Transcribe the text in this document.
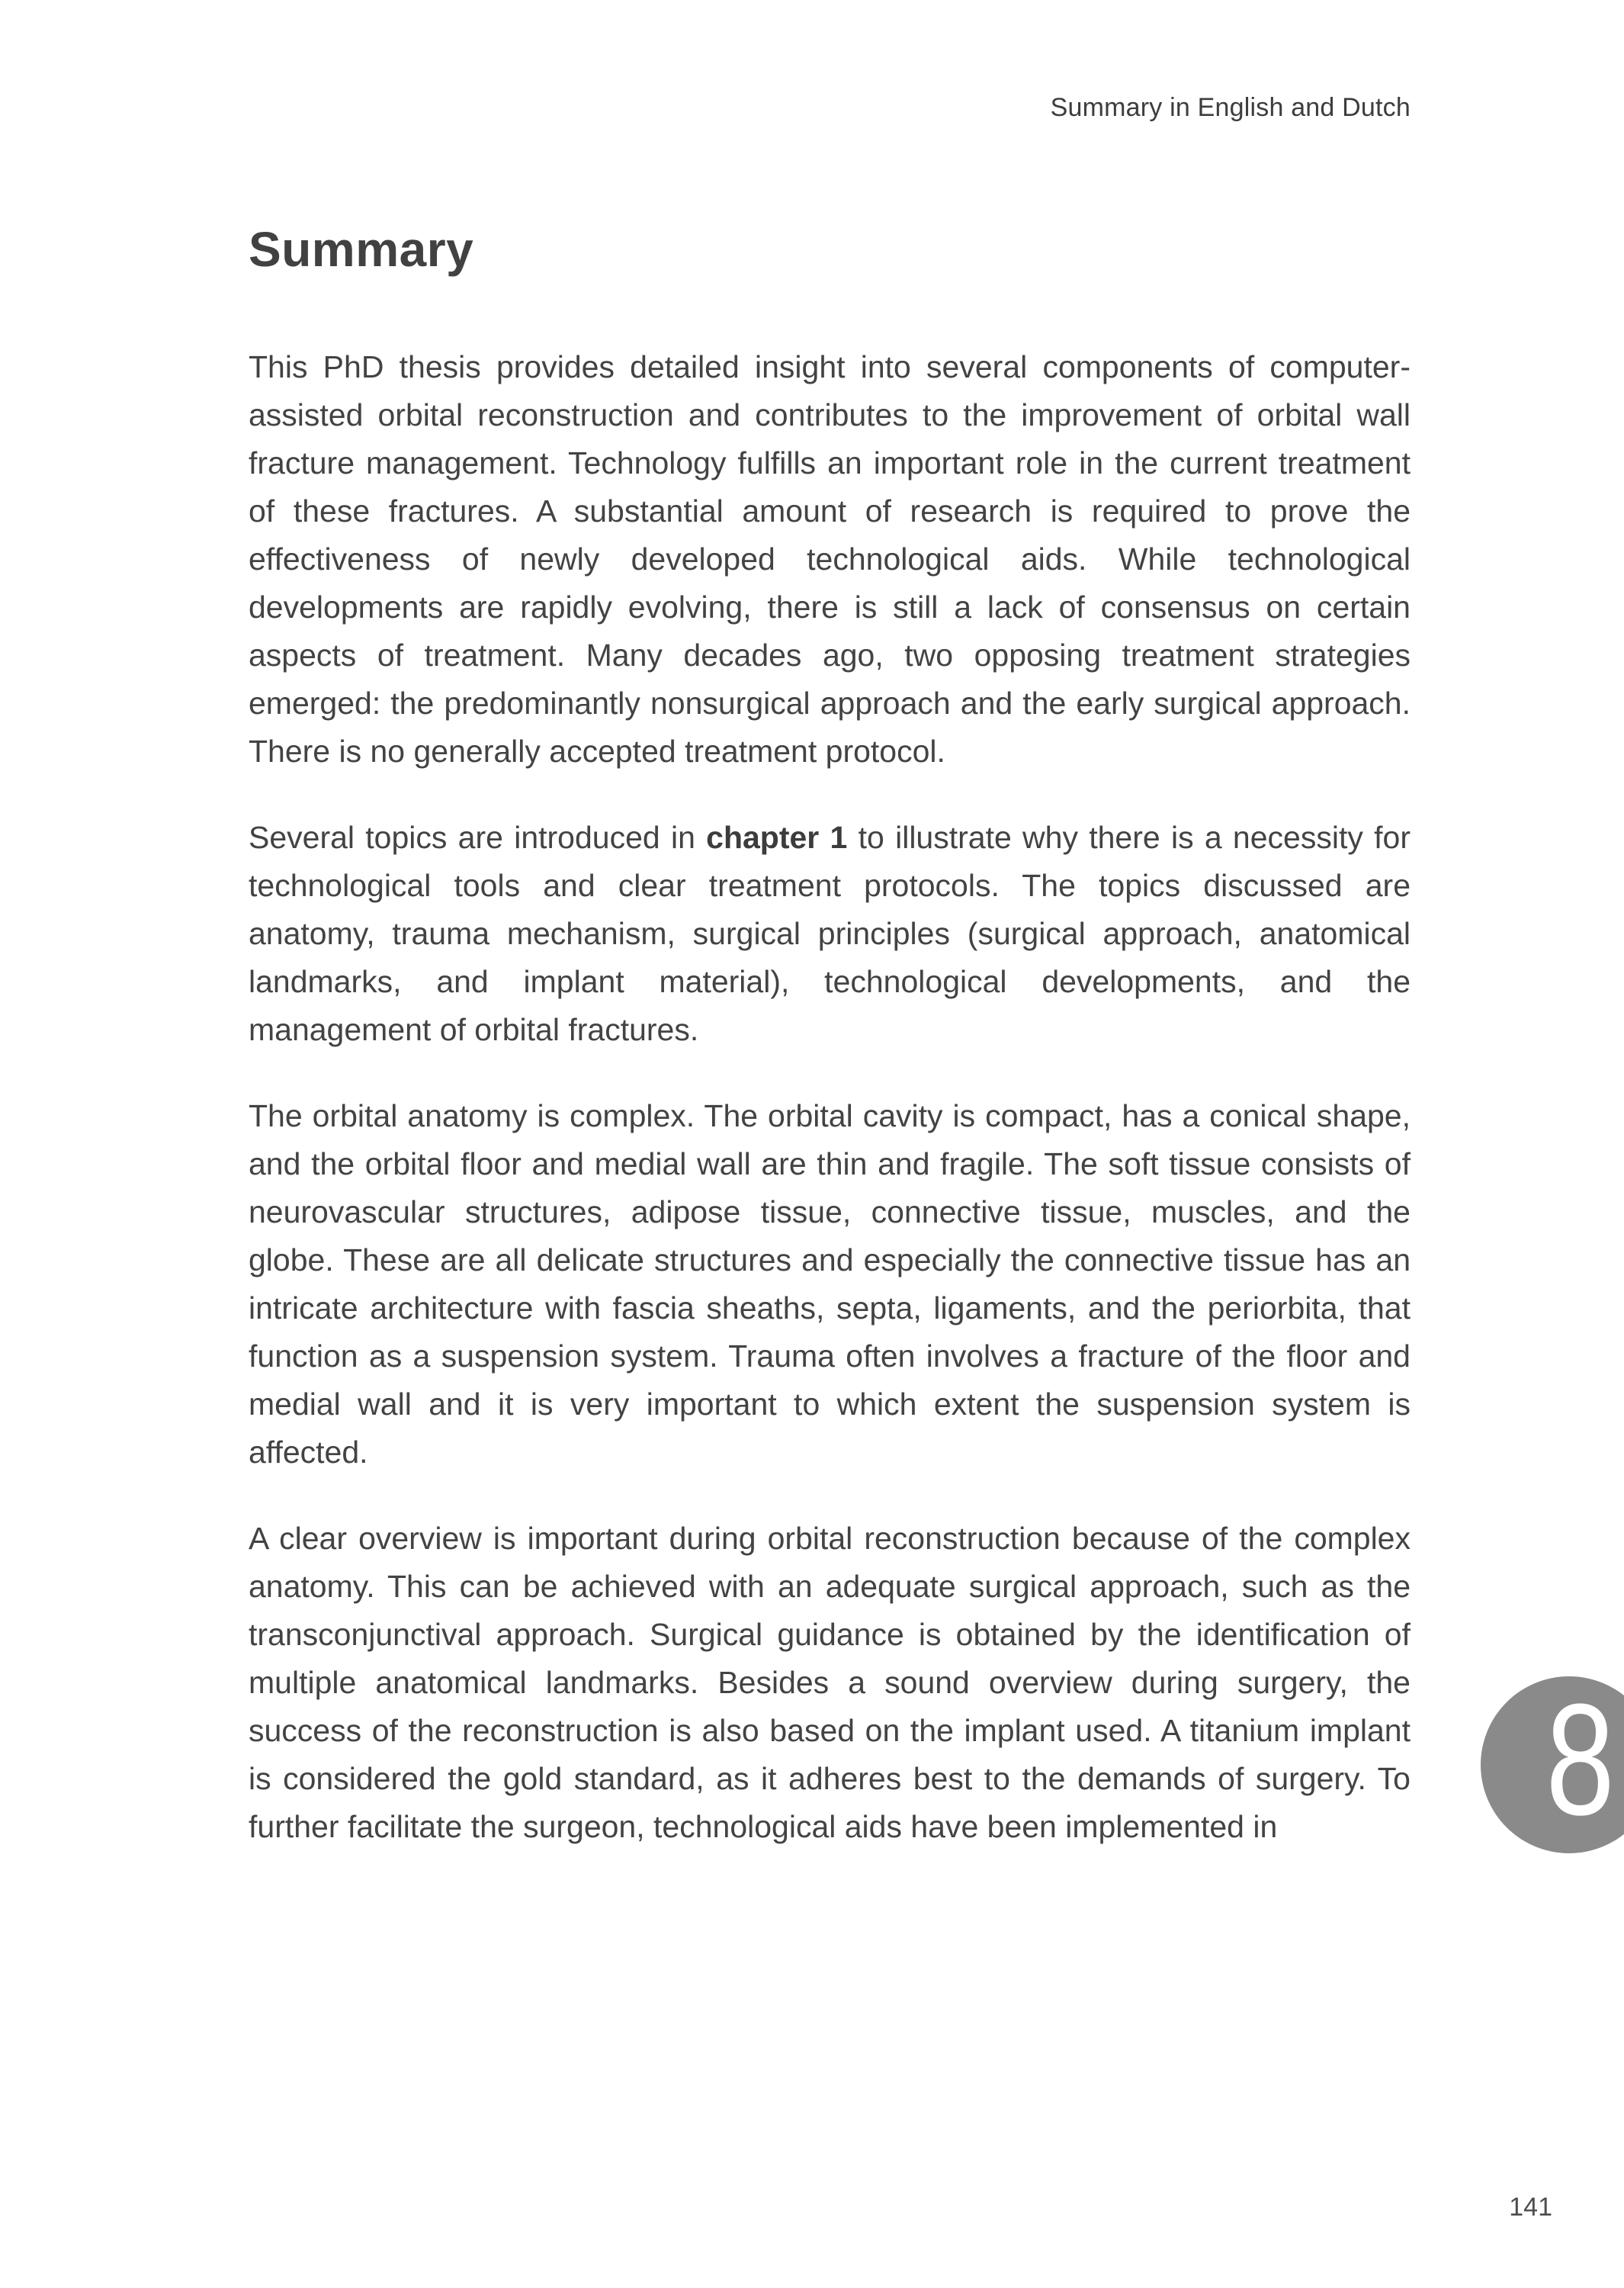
Summary in English and Dutch
Summary
This PhD thesis provides detailed insight into several components of computer-assisted orbital reconstruction and contributes to the improvement of orbital wall fracture management. Technology fulfills an important role in the current treatment of these fractures. A substantial amount of research is required to prove the effectiveness of newly developed technological aids. While technological developments are rapidly evolving, there is still a lack of consensus on certain aspects of treatment. Many decades ago, two opposing treatment strategies emerged: the predominantly nonsurgical approach and the early surgical approach. There is no generally accepted treatment protocol.
Several topics are introduced in chapter 1 to illustrate why there is a necessity for technological tools and clear treatment protocols. The topics discussed are anatomy, trauma mechanism, surgical principles (surgical approach, anatomical landmarks, and implant material), technological developments, and the management of orbital fractures.
The orbital anatomy is complex. The orbital cavity is compact, has a conical shape, and the orbital floor and medial wall are thin and fragile. The soft tissue consists of neurovascular structures, adipose tissue, connective tissue, muscles, and the globe. These are all delicate structures and especially the connective tissue has an intricate architecture with fascia sheaths, septa, ligaments, and the periorbita, that function as a suspension system. Trauma often involves a fracture of the floor and medial wall and it is very important to which extent the suspension system is affected.
A clear overview is important during orbital reconstruction because of the complex anatomy. This can be achieved with an adequate surgical approach, such as the transconjunctival approach. Surgical guidance is obtained by the identification of multiple anatomical landmarks. Besides a sound overview during surgery, the success of the reconstruction is also based on the implant used. A titanium implant is considered the gold standard, as it adheres best to the demands of surgery. To further facilitate the surgeon, technological aids have been implemented in	8
141
